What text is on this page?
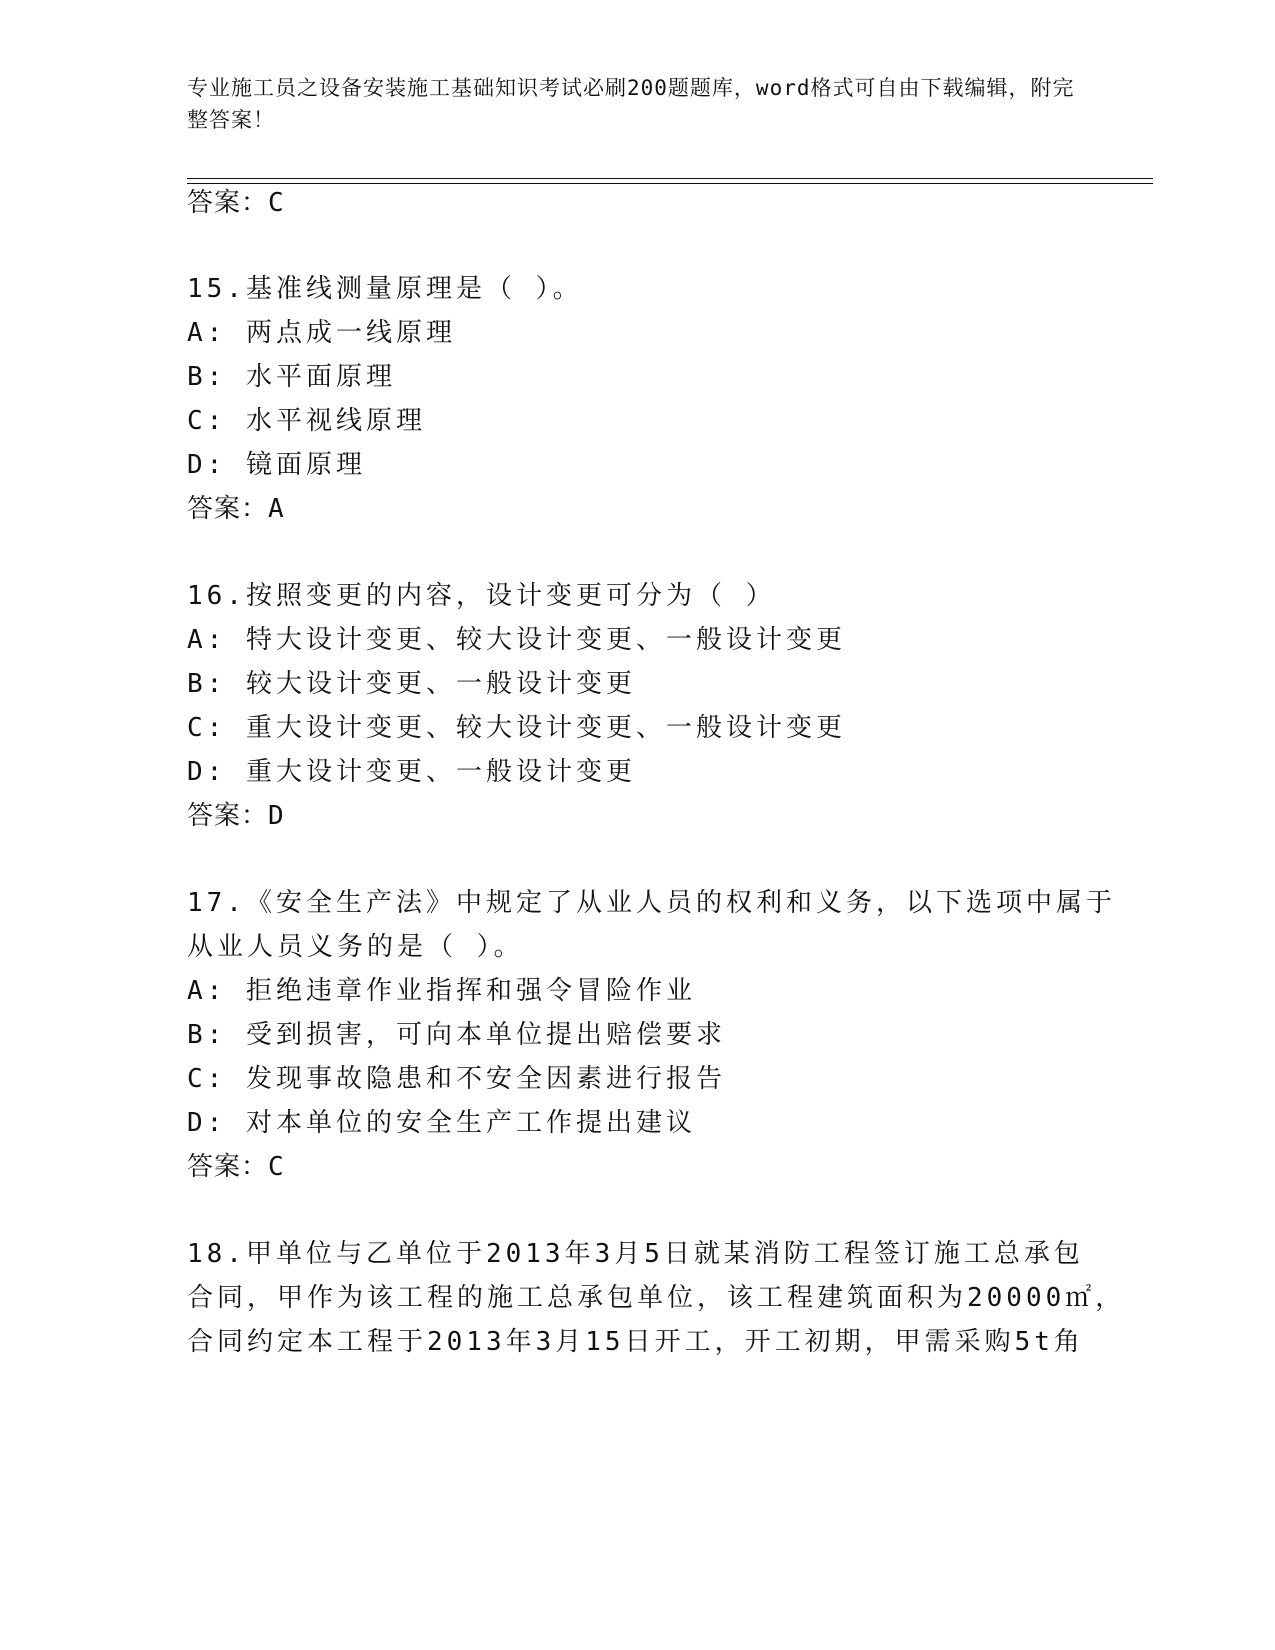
专业施工员之设备安装施工基础知识考试必刷200题题库，word格式可自由下载编辑，附完整答案！
答案：C
15.基准线测量原理是（ ）。
A: 两点成一线原理
B: 水平面原理
C: 水平视线原理
D: 镜面原理
答案：A
16.按照变更的内容，设计变更可分为（ ）
A: 特大设计变更、较大设计变更、一般设计变更
B: 较大设计变更、一般设计变更
C: 重大设计变更、较大设计变更、一般设计变更
D: 重大设计变更、一般设计变更
答案：D
17.《安全生产法》中规定了从业人员的权利和义务，以下选项中属于
从业人员义务的是（ ）。
A: 拒绝违章作业指挥和强令冒险作业
B: 受到损害，可向本单位提出赔偿要求
C: 发现事故隐患和不安全因素进行报告
D: 对本单位的安全生产工作提出建议
答案：C
18.甲单位与乙单位于2013年3月5日就某消防工程签订施工总承包
合同，甲作为该工程的施工总承包单位，该工程建筑面积为20000㎡，
合同约定本工程于2013年3月15日开工，开工初期，甲需采购5t角
